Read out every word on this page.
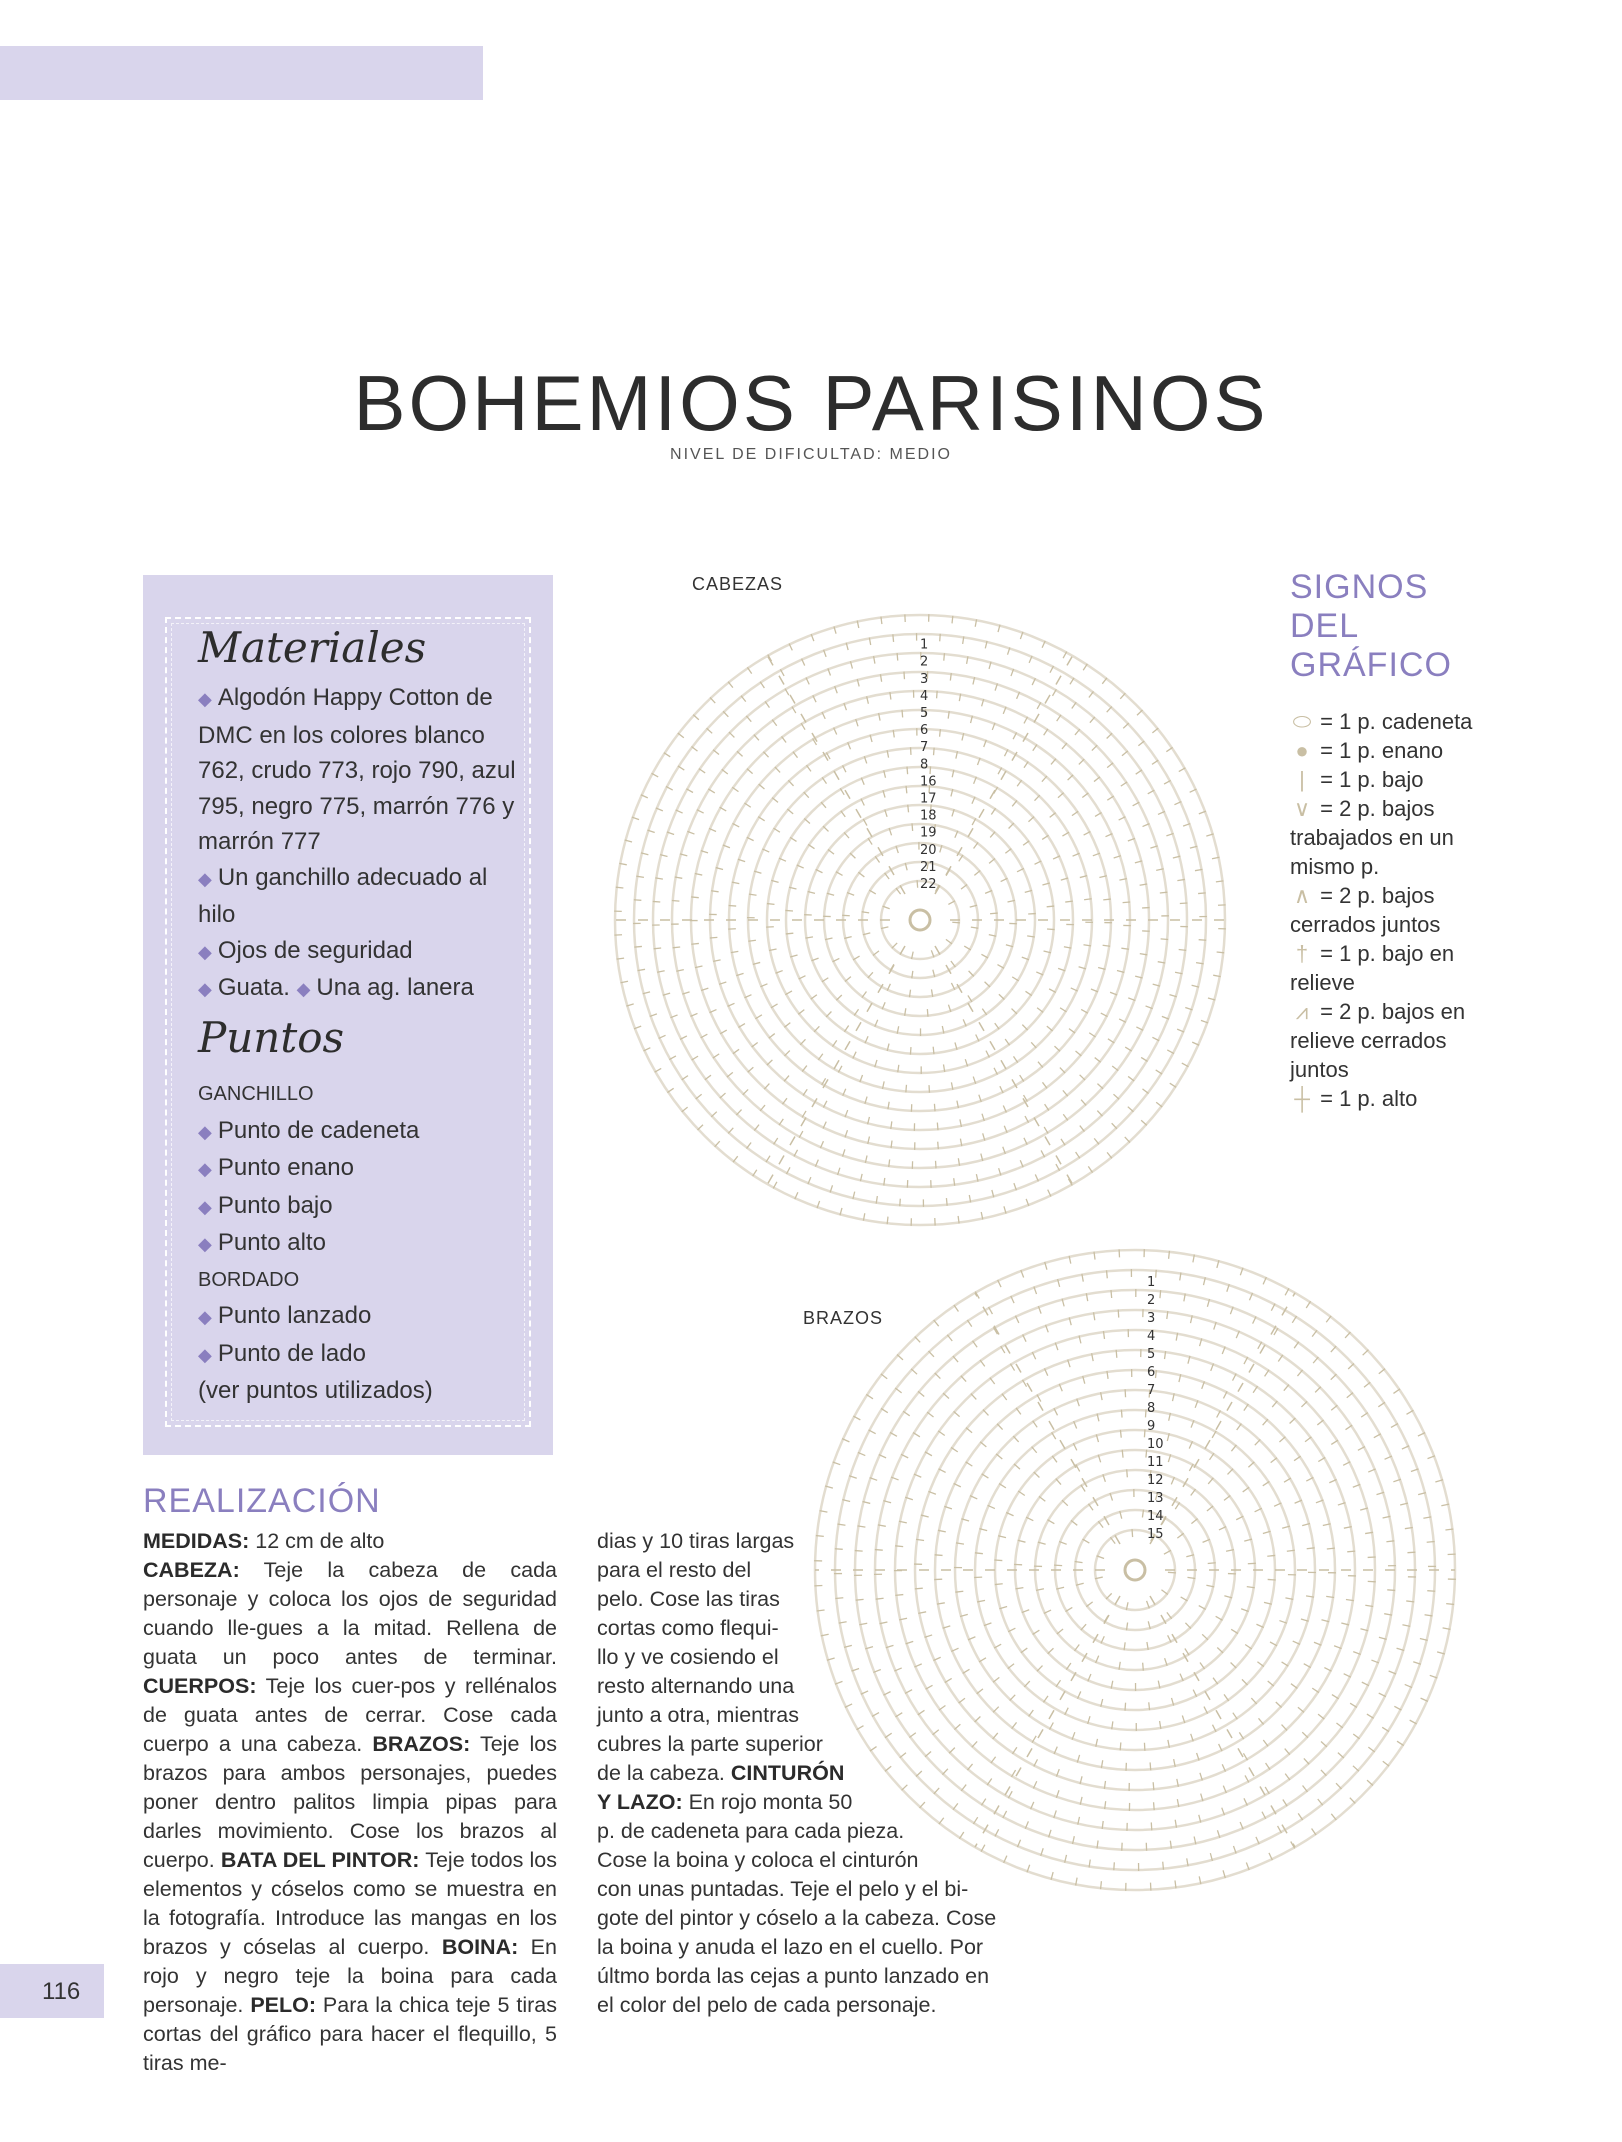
BOHEMIOS PARISINOS
NIVEL DE DIFICULTAD: MEDIO
Materiales
◆ Algodón Happy Cotton de DMC en los colores blanco 762, crudo 773, rojo 790, azul 795, negro 775, marrón 776 y marrón 777
◆ Un ganchillo adecuado al hilo
◆ Ojos de seguridad
◆ Guata. ◆ Una ag. lanera
Puntos
GANCHILLO
◆ Punto de cadeneta
◆ Punto enano
◆ Punto bajo
◆ Punto alto
BORDADO
◆ Punto lanzado
◆ Punto de lado
(ver puntos utilizados)
CABEZAS
BRAZOS
22
21
20
19
18
17
16
8
7
6
5
4
3
2
1
15
14
13
12
11
10
9
8
7
6
5
4
3
2
1
SIGNOS
DEL
GRÁFICO
⬭ = 1 p. cadeneta
● = 1 p. enano
| = 1 p. bajo
∨ = 2 p. bajos trabajados en un mismo p.
∧ = 2 p. bajos cerrados juntos
† = 1 p. bajo en relieve
⩘ = 2 p. bajos en relieve cerrados juntos
┼ = 1 p. alto
REALIZACIÓN
MEDIDAS: 12 cm de alto
CABEZA: Teje la cabeza de cada personaje y coloca los ojos de seguridad cuando lle-gues a la mitad. Rellena de guata un poco antes de terminar. CUERPOS: Teje los cuer-pos y rellénalos de guata antes de cerrar. Cose cada cuerpo a una cabeza. BRAZOS: Teje los brazos para ambos personajes, puedes poner dentro palitos limpia pipas para darles movimiento. Cose los brazos al cuerpo. BATA DEL PINTOR: Teje todos los elementos y cóselos como se muestra en la fotografía. Introduce las mangas en los brazos y cóselas al cuerpo. BOINA: En rojo y negro teje la boina para cada personaje. PELO: Para la chica teje 5 tiras cortas del gráfico para hacer el flequillo, 5 tiras me-
dias y 10 tiras largas
para el resto del
pelo. Cose las tiras
cortas como flequi-
llo y ve cosiendo el
resto alternando una
junto a otra, mientras
cubres la parte superior
de la cabeza. CINTURÓN
Y LAZO: En rojo monta 50
p. de cadeneta para cada pieza.
Cose la boina y coloca el cinturón
con unas puntadas. Teje el pelo y el bi-
gote del pintor y cóselo a la cabeza. Cose
la boina y anuda el lazo en el cuello. Por
últmo borda las cejas a punto lanzado en
el color del pelo de cada personaje.
116
